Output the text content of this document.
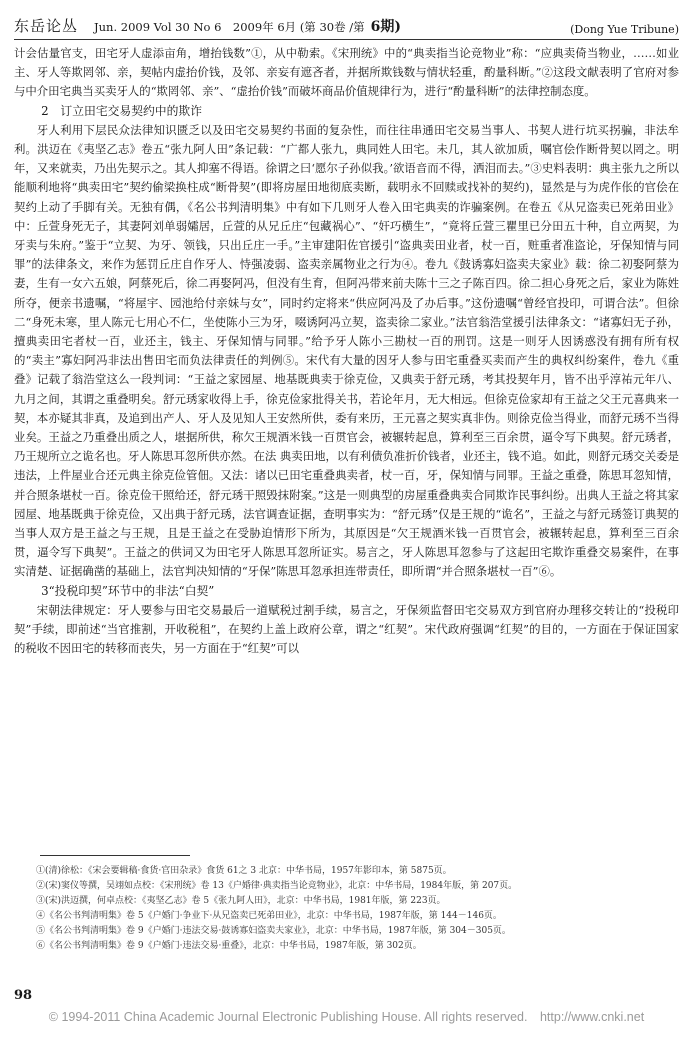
东岳论丛 Jun. 2009 Vol 30 No 6　2009年 6月 (第 30卷 /第 6期)	(Dong Yue Tribune)

计会估量官支，田宅牙人虚添亩角，增抬钱数”①，从中勒索。《宋刑统》中的“典卖指当论竞物业”称：“应典卖倚当物业，……如业主、牙人等欺罔邻、亲，契帖内虚抬价钱，及邻、亲妄有遮吝者，并据所欺钱数与情状轻重，酌量科断。”②这段文献表明了官府对参与中介田宅典当买卖牙人的“欺罔邻、亲”、“虚抬价钱”而破坏商品价值规律行为，进行“酌量科断”的法律控制态度。

2　订立田宅交易契约中的欺诈

牙人利用下层民众法律知识匮乏以及田宅交易契约书面的复杂性，而往往串通田宅交易当事人、书契人进行坑买拐骗，非法牟利。洪迈在《夷坚乙志》卷五“张九阿人田”条记载：“广都人张九，典同姓人田宅。未几，其人欲加质，嘱官侩作断骨契以罔之。明年，又来就卖，乃出先契示之。其人抑塞不得语。徐谓之曰‘愿尔子孙似我。’欲语音而不得，洒泪而去。”③史料表明：典主张九之所以能顺利地将“典卖田宅”契约偷梁换柱成“断骨契”(即将房屋田地彻底卖断，载明永不回赎或找补的契约)，显然是与为虎作伥的官侩在契约上动了手脚有关。无独有偶，《名公书判清明集》中有如下几则牙人卷入田宅典卖的诈骗案例。在卷五《从兄盗卖已死弟田业》中：丘萱身死无子，其妻阿刘单弱孀居，丘萱的从兄丘庄“包藏祸心”、“奸巧横生”，“竟将丘萱三瞿里已分田五十种，自立两契，为牙卖与朱府。”鉴于“立契、为牙、领钱，只出丘庄一手。”主审建阳佐官援引“盗典卖田业者，杖一百，赃重者准盗论，牙保知情与同罪”的法律条文，来作为惩罚丘庄自作牙人、恃强凌弱、盗卖亲属物业之行为④。卷九《鼓诱寡妇盗卖夫家业》载：徐二初娶阿蔡为妻，生有一女六五娘，阿蔡死后，徐二再娶阿冯，但没有生育，但阿冯带来前夫陈十三之子陈百四。徐二担心身死之后，家业为陈姓所夺，便亲书遗嘱，“将屋宇、园池给付亲妹与女”，同时约定将来“供应阿冯及了办后事。”这份遗嘱“曾经官投印，可谓合法”。但徐二“身死未寒，里人陈元七用心不仁，坐使陈小三为牙，啜诱阿冯立契，盗卖徐二家业。”法官翁浩堂援引法律条文：“诸寡妇无子孙，擅典卖田宅者杖一百，业还主，钱主、牙保知情与同罪。”给予牙人陈小三勘杖一百的刑罚。这是一则牙人因诱惑没有拥有所有权的“卖主”寡妇阿冯非法出售田宅而负法律责任的判例⑤。宋代有大量的因牙人参与田宅重叠买卖而产生的典权纠纷案件，卷九《重叠》记载了翁浩堂这么一段判词：“王益之家园屋、地基既典卖于徐克俭，又典卖于舒元琇，考其投契年月，皆不出乎淳祐元年八、九月之间，其谓之重叠明矣。舒元琇家收得上手，徐克俭家批得关书，若论年月，无大相远。但徐克俭家却有王益之父王元喜典来一契，本亦疑其非真，及追到出产人、牙人及见知人王安然所供，委有来历，王元喜之契实真非伪。则徐克俭当得业，而舒元琇不当得业矣。王益之乃重叠出质之人，堪据所供，称欠王规酒米钱一百贯官会，被辗转起息，算利至三百余贯，逼令写下典契。舒元琇者，乃王规所立之诡名也。牙人陈思耳忽所供亦然。在法 典卖田地，以有利债负准折价钱者，业还主，钱不追。如此，则舒元琇交关委是违法，上件屋业合还元典主徐克俭管佃。又法：诸以已田宅重叠典卖者，杖一百，牙，保知情与同罪。王益之重叠，陈思耳忽知情，并合照条堪杖一百。徐克俭干照给还，舒元琇干照毁抹附案。”这是一则典型的房屋重叠典卖合同欺诈民事纠纷。出典人王益之将其家园屋、地基既典于徐克俭，又出典于舒元琇，法官调查证据，查明事实为：“舒元琇”仅是王规的“诡名”，王益之与舒元琇签订典契的当事人双方是王益之与王规，且是王益之在受胁迫情形下所为，其原因是“欠王规酒米钱一百贯官会，被辗转起息，算利至三百余贯，逼令写下典契”。王益之的供词又为田宅牙人陈思耳忽所证实。易言之，牙人陈思耳忽参与了这起田宅欺诈重叠交易案件，在事实清楚、证据确凿的基础上，法官判决知情的“牙保”陈思耳忽承担连带责任，即所谓“并合照条堪杖一百”⑥。

3“投税印契”环节中的非法“白契”

宋朝法律规定：牙人要参与田宅交易最后一道赋税过割手续，易言之，牙保须监督田宅交易双方到官府办理移交转让的“投税印契”手续，即前述“当官推割，开收税租”，在契约上盖上政府公章，谓之“红契”。宋代政府强调“红契”的目的，一方面在于保证国家的税收不因田宅的转移而丧失，另一方面在于“红契”可以

①(清)徐松：《宋会要辑稿·食货·官田杂录》食货 61之 3 北京：中华书局，1957年影印本，第 5875页。
②(宋)窦仪等撰，吴翊如点校：《宋刑统》卷 13《户婚律·典卖指当论竞物业》，北京：中华书局，1984年版，第 207页。
③(宋)洪迈撰，何卓点校：《夷坚乙志》卷 5《张九阿人田》，北京：中华书局，1981年版，第 223页。
④《名公书判清明集》卷 5《户婚门·争业下·从兄盗卖已死弟田业》，北京：中华书局，1987年版，第 144－146页。
⑤《名公书判清明集》卷 9《户婚门·违法交易·鼓诱寡妇盗卖夫家业》，北京：中华书局，1987年版，第 304－305页。
⑥《名公书判清明集》卷 9《户婚门·违法交易·重叠》，北京：中华书局，1987年版，第 302页。
98
© 1994-2011 China Academic Journal Electronic Publishing House. All rights reserved.　http://www.cnki.net
